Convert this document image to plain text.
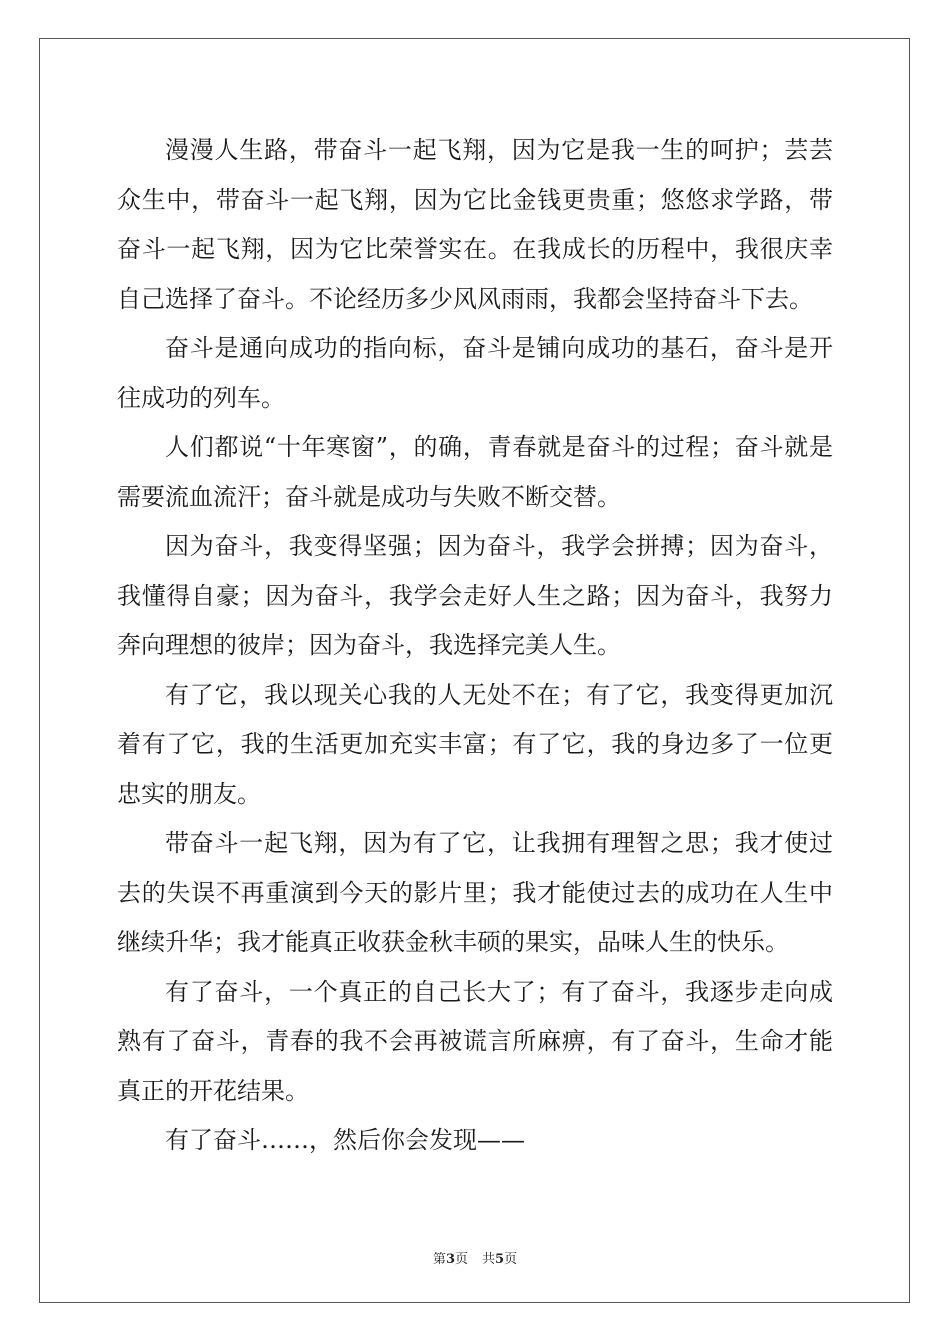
漫漫人生路，带奋斗一起飞翔，因为它是我一生的呵护；芸芸众生中，带奋斗一起飞翔，因为它比金钱更贵重；悠悠求学路，带奋斗一起飞翔，因为它比荣誉实在。在我成长的历程中，我很庆幸自己选择了奋斗。不论经历多少风风雨雨，我都会坚持奋斗下去。

奋斗是通向成功的指向标，奋斗是铺向成功的基石，奋斗是开往成功的列车。

人们都说“十年寒窗”，的确，青春就是奋斗的过程；奋斗就是需要流血流汗；奋斗就是成功与失败不断交替。

因为奋斗，我变得坚强；因为奋斗，我学会拼搏；因为奋斗，我懂得自豪；因为奋斗，我学会走好人生之路；因为奋斗，我努力奔向理想的彼岸；因为奋斗，我选择完美人生。

有了它，我以现关心我的人无处不在；有了它，我变得更加沉着有了它，我的生活更加充实丰富；有了它，我的身边多了一位更忠实的朋友。

带奋斗一起飞翔，因为有了它，让我拥有理智之思；我才使过去的失误不再重演到今天的影片里；我才能使过去的成功在人生中继续升华；我才能真正收获金秋丰硕的果实，品味人生的快乐。

有了奋斗，一个真正的自己长大了；有了奋斗，我逐步走向成熟有了奋斗，青春的我不会再被谎言所麻痹，有了奋斗，生命才能真正的开花结果。

有了奋斗……，然后你会发现——

第3页 共5页
